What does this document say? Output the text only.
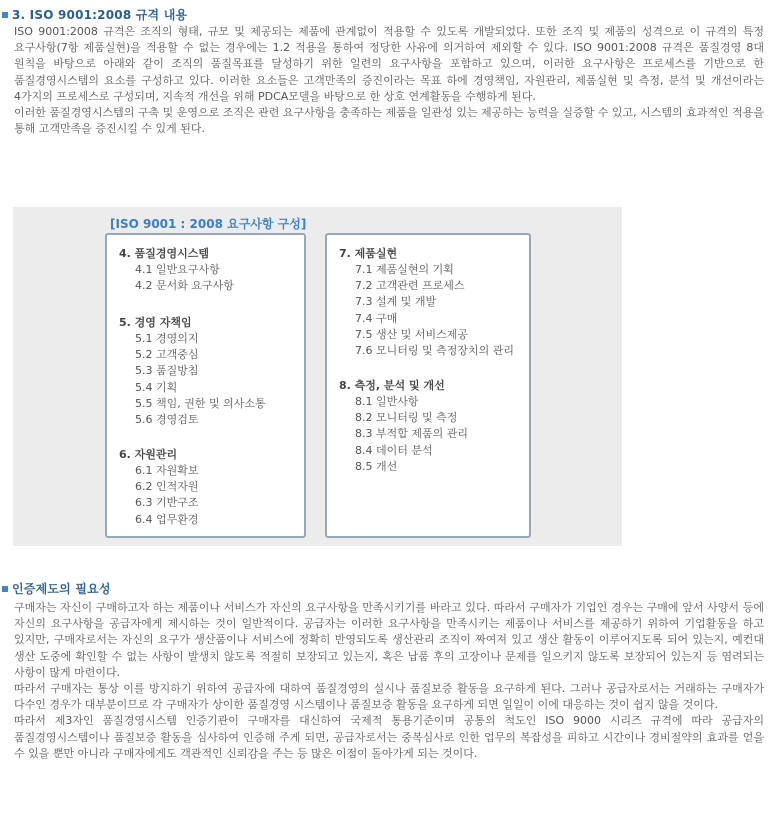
3. ISO 9001:2008 규격 내용

ISO 9001:2008 규격은 조직의 형태, 규모 및 제공되는 제품에 관계없이 적용할 수 있도록 개발되었다. 또한 조직 및 제품의 성격으로 이 규격의 특정 요구사항(7항 제품실현)을 적용할 수 없는 경우에는 1.2 적용을 통하여 정당한 사유에 의거하여 제외할 수 있다. ISO 9001:2008 규격은 품질경영 8대 원칙을 바탕으로 아래와 같이 조직의 품질목표를 달성하기 위한 일련의 요구사항을 포함하고 있으며, 이러한 요구사항은 프로세스를 기반으로 한 품질경영시스템의 요소를 구성하고 있다. 이러한 요소들은 고객만족의 증진이라는 목표 하에 경영책임, 자원관리, 제품실현 및 측정, 분석 및 개선이라는 4가지의 프로세스로 구성되며, 지속적 개선을 위해 PDCA모델을 바탕으로 한 상호 연계활동을 수행하게 된다.

이러한 품질경영시스템의 구축 및 운영으로 조직은 관련 요구사항을 충족하는 제품을 일관성 있는 제공하는 능력을 실증할 수 있고, 시스템의 효과적인 적용을 통해 고객만족을 증진시킬 수 있게 된다.

[ISO 9001 : 2008 요구사항 구성]
4. 품질경영시스템
4.1 일반요구사항
4.2 문서화 요구사항
5. 경영 자책임
5.1 경영의지
5.2 고객중심
5.3 품질방침
5.4 기획
5.5 책임, 권한 및 의사소통
5.6 경영검토
6. 자원관리
6.1 자원확보
6.2 인적자원
6.3 기반구조
6.4 업무환경
7. 제품실현
7.1 제품실현의 기획
7.2 고객관련 프로세스
7.3 설계 및 개발
7.4 구매
7.5 생산 및 서비스제공
7.6 모니터링 및 측정장치의 관리
8. 측정, 분석 및 개선
8.1 일반사항
8.2 모니터링 및 측정
8.3 부적합 제품의 관리
8.4 데이터 분석
8.5 개선
인증제도의 필요성

구매자는 자신이 구매하고자 하는 제품이나 서비스가 자신의 요구사항을 만족시키기를 바라고 있다. 따라서 구매자가 기업인 경우는 구매에 앞서 사양서 등에 자신의 요구사항을 공급자에게 제시하는 것이 일반적이다. 공급자는 이러한 요구사항을 만족시키는 제품이나 서비스를 제공하기 위하여 기업활동을 하고 있지만, 구매자로서는 자신의 요구가 생산품이나 서비스에 정확히 반영되도록 생산관리 조직이 짜여져 있고 생산 활동이 이루어지도록 되어 있는지, 예컨대 생산 도중에 확인할 수 없는 사항이 발생치 않도록 적절히 보장되고 있는지, 혹은 납품 후의 고장이나 문제를 일으키지 않도록 보장되어 있는지 등 염려되는 사항이 많게 마련이다.

따라서 구매자는 통상 이를 방지하기 위하여 공급자에 대하여 품질경영의 실시나 품질보증 활동을 요구하게 된다. 그러나 공급자로서는 거래하는 구매자가 다수인 경우가 대부분이므로 각 구매자가 상이한 품질경영 시스템이나 품질보증 활동을 요구하게 되면 일일이 이에 대응하는 것이 쉽지 않을 것이다.

따라서 제3자인 품질경영시스템 인증기관이 구매자를 대신하여 국제적 통용기준이며 공통의 척도인 ISO 9000 시리즈 규격에 따라 공급자의 품질경영시스템이나 품질보증 활동을 심사하여 인증해 주게 되면, 공급자로서는 중복심사로 인한 업무의 복잡성을 피하고 시간이나 경비절약의 효과를 얻을 수 있을 뿐만 아니라 구매자에게도 객관적인 신뢰감을 주는 등 많은 이점이 돌아가게 되는 것이다.
